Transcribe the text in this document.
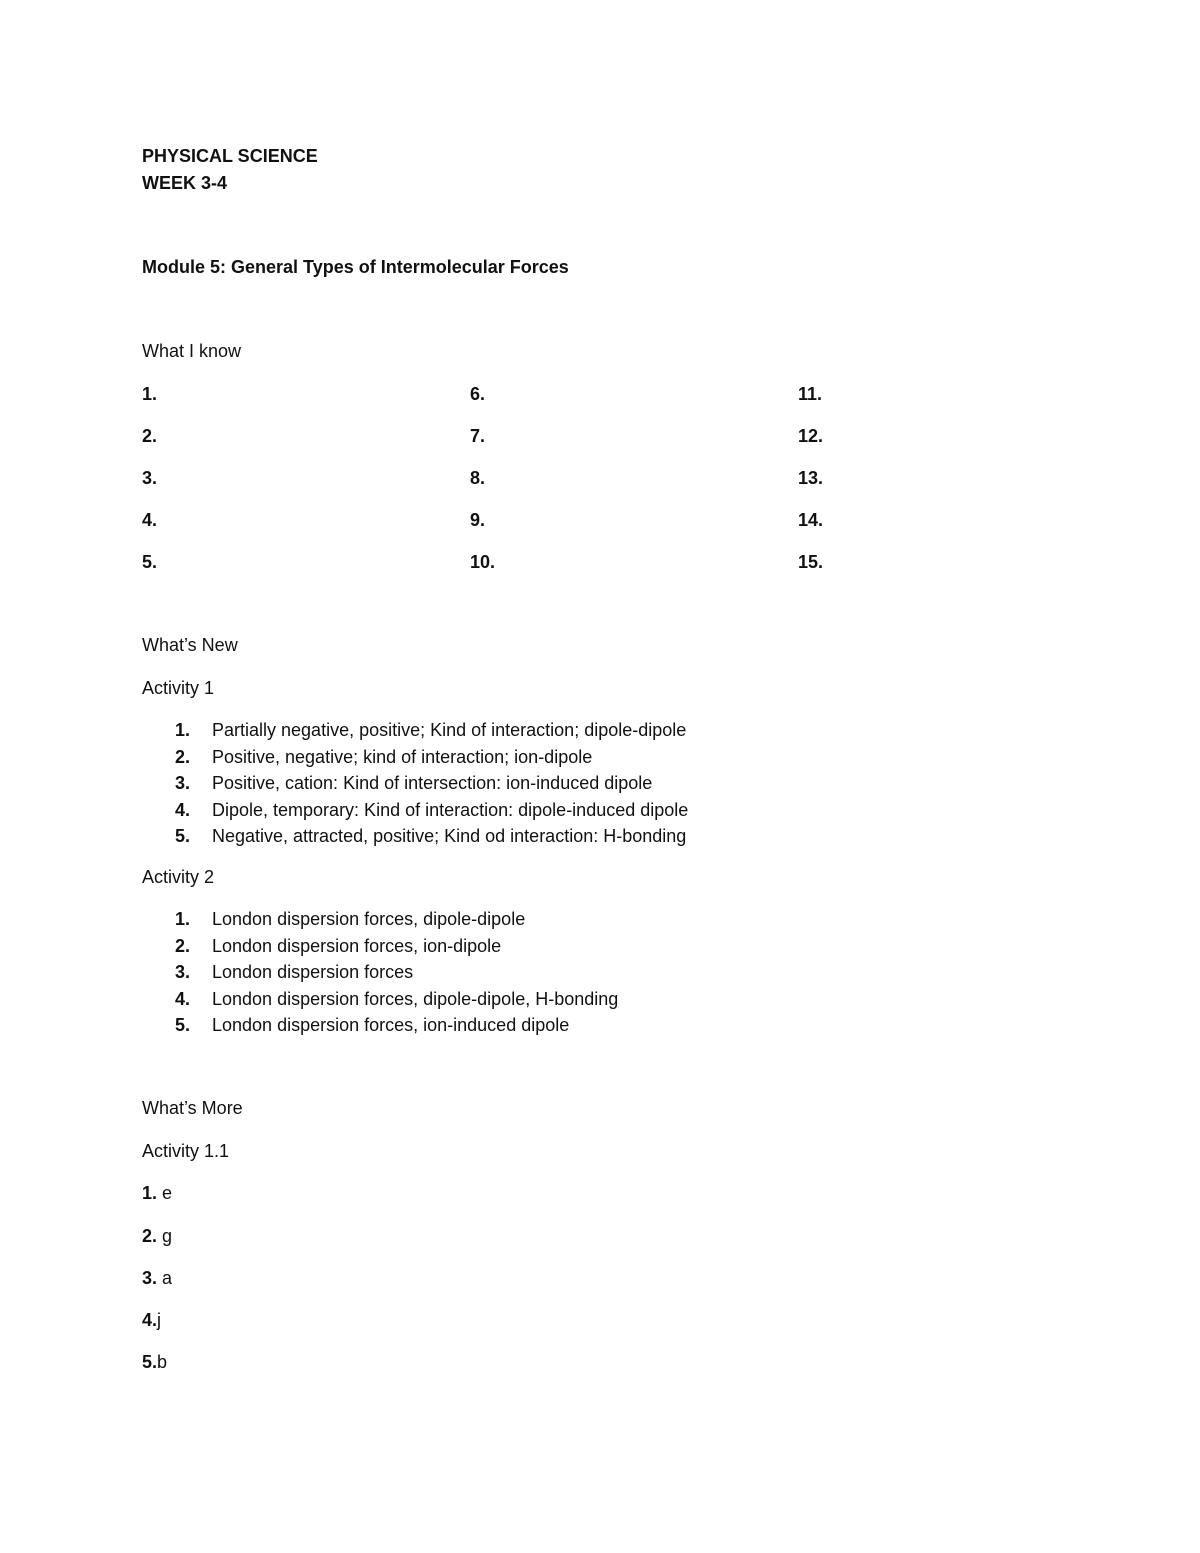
PHYSICAL SCIENCE
WEEK 3-4
Module 5: General Types of Intermolecular Forces
What I know
1.
2.
3.
4.
5.
6.
7.
8.
9.
10.
11.
12.
13.
14.
15.
What’s New
Activity 1
1. Partially negative, positive; Kind of interaction; dipole-dipole
2. Positive, negative; kind of interaction; ion-dipole
3. Positive, cation: Kind of intersection: ion-induced dipole
4. Dipole, temporary: Kind of interaction: dipole-induced dipole
5. Negative, attracted, positive; Kind od interaction: H-bonding
Activity 2
1. London dispersion forces, dipole-dipole
2. London dispersion forces, ion-dipole
3. London dispersion forces
4. London dispersion forces, dipole-dipole, H-bonding
5. London dispersion forces, ion-induced dipole
What’s More
Activity 1.1
1. e
2. g
3. a
4.j
5.b
